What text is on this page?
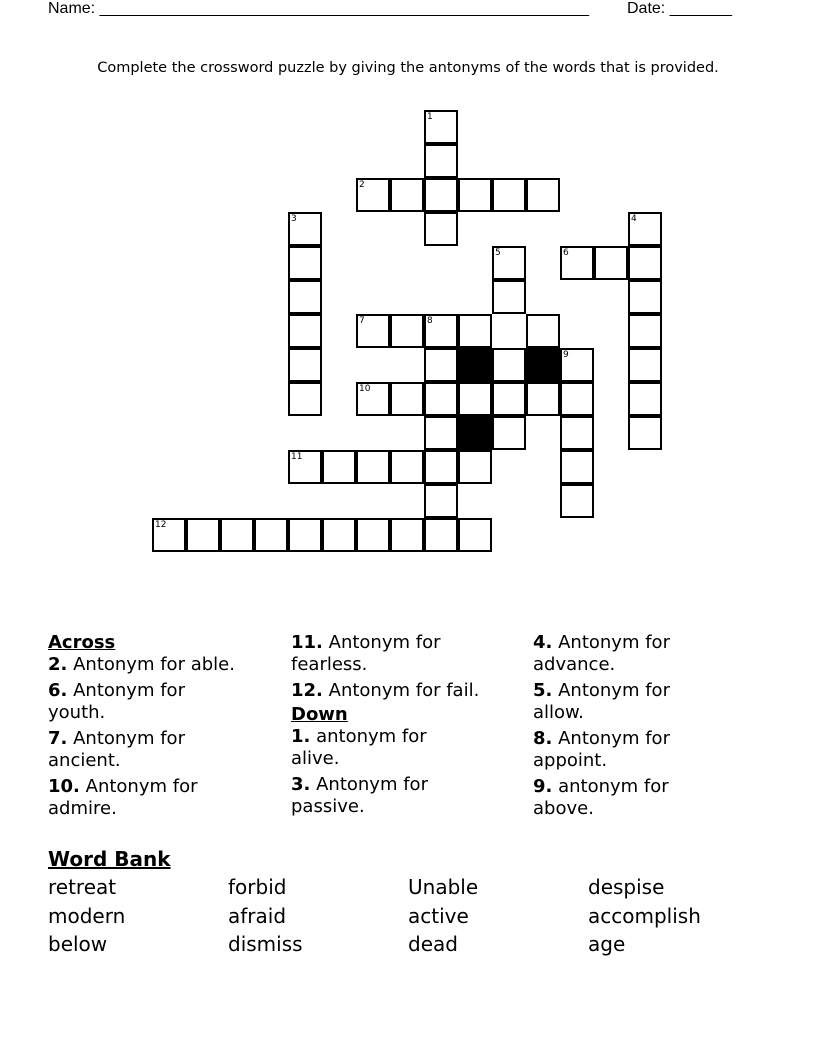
Name: _______________________________________________________ Date: _______
Complete the crossword puzzle by giving the antonyms of the words that is provided.
1
2
3	4
5	6
7	8
9
10
11
12
Across
2. Antonym for able.
6. Antonym for youth.
7. Antonym for ancient.
10. Antonym for admire.
11. Antonym for fearless.
12. Antonym for fail.
Down
1. antonym for alive.
3. Antonym for passive.
4. Antonym for advance.
5. Antonym for allow.
8. Antonym for appoint.
9. antonym for above.
Word Bank
retreat	forbid	Unable	despise
modern	afraid	active	accomplish
below	dismiss	dead	age
